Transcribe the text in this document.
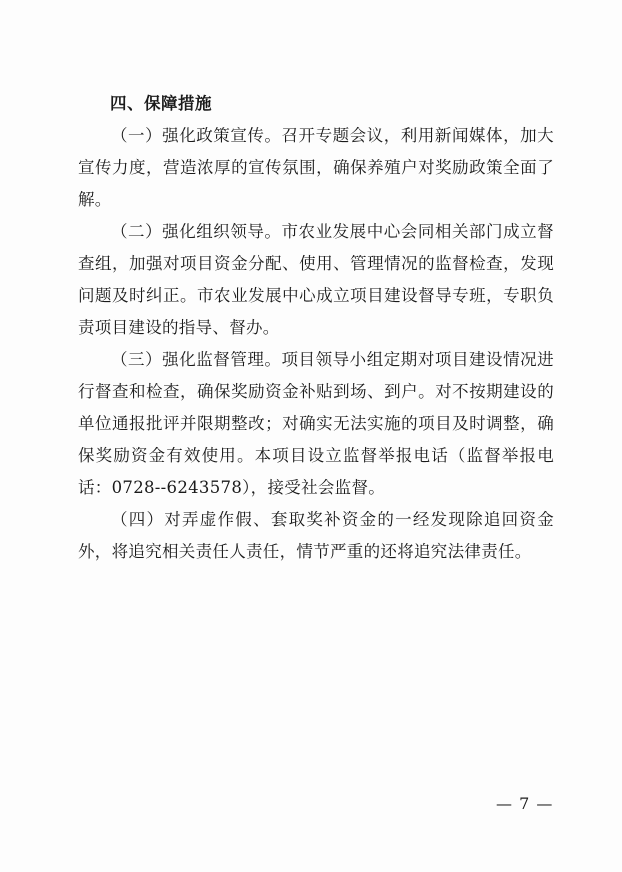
四、保障措施

（一）强化政策宣传。召开专题会议，利用新闻媒体，加大宣传力度，营造浓厚的宣传氛围，确保养殖户对奖励政策全面了解。

（二）强化组织领导。市农业发展中心会同相关部门成立督查组，加强对项目资金分配、使用、管理情况的监督检查，发现问题及时纠正。市农业发展中心成立项目建设督导专班，专职负责项目建设的指导、督办。

（三）强化监督管理。项目领导小组定期对项目建设情况进行督查和检查，确保奖励资金补贴到场、到户。对不按期建设的单位通报批评并限期整改；对确实无法实施的项目及时调整，确保奖励资金有效使用。本项目设立监督举报电话（监督举报电话：0728--6243578），接受社会监督。

（四）对弄虚作假、套取奖补资金的一经发现除追回资金外，将追究相关责任人责任，情节严重的还将追究法律责任。

— 7 —
